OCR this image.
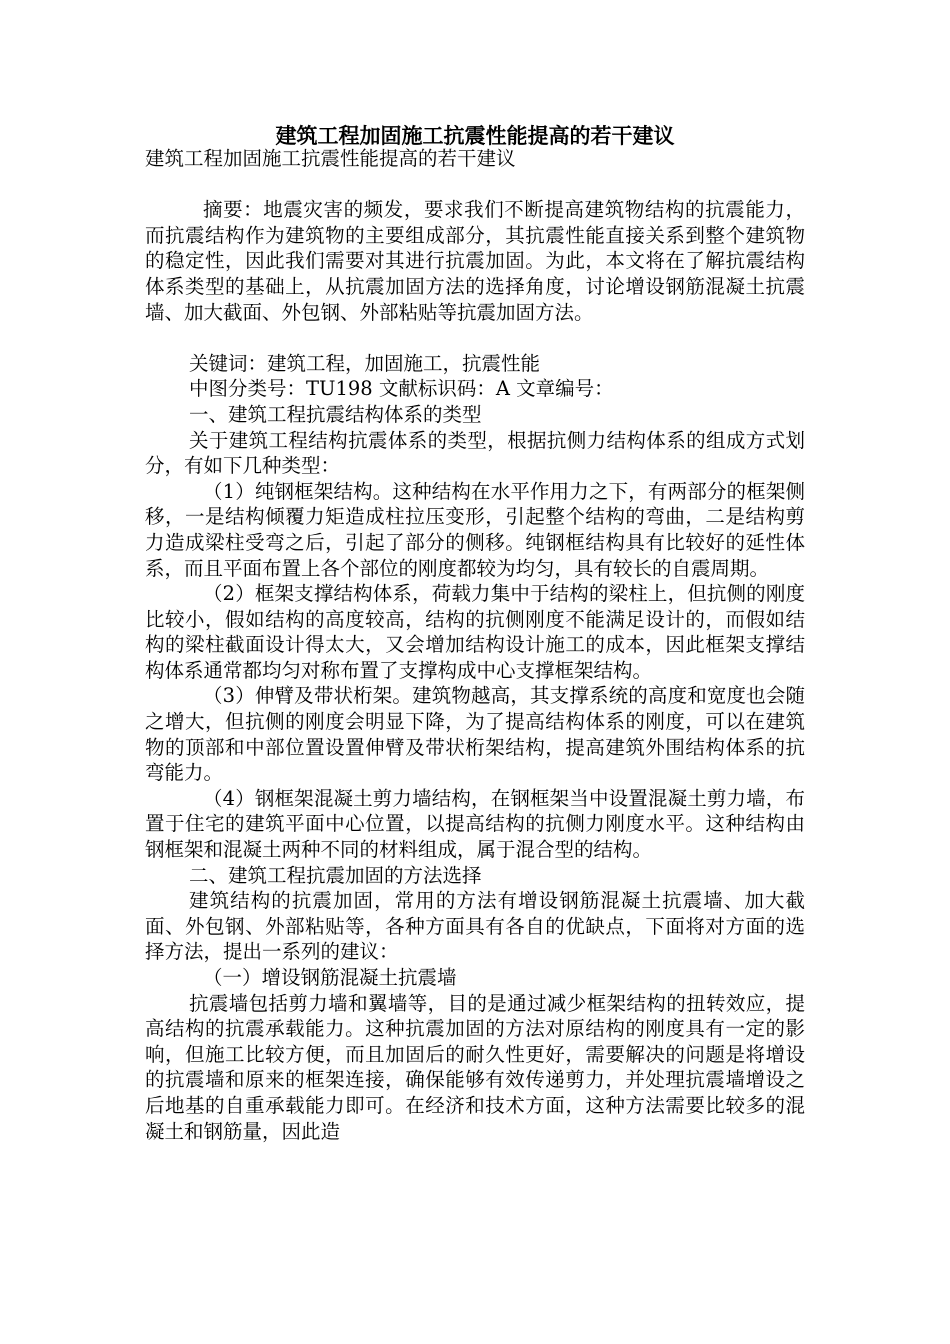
建筑工程加固施工抗震性能提高的若干建议

建筑工程加固施工抗震性能提高的若干建议

摘要：地震灾害的频发，要求我们不断提高建筑物结构的抗震能力，而抗震结构作为建筑物的主要组成部分，其抗震性能直接关系到整个建筑物的稳定性，因此我们需要对其进行抗震加固。为此，本文将在了解抗震结构体系类型的基础上，从抗震加固方法的选择角度，讨论增设钢筋混凝土抗震墙、加大截面、外包钢、外部粘贴等抗震加固方法。

关键词：建筑工程，加固施工，抗震性能

中图分类号：TU198 文献标识码：A 文章编号：

一、建筑工程抗震结构体系的类型

关于建筑工程结构抗震体系的类型，根据抗侧力结构体系的组成方式划分，有如下几种类型：

（1）纯钢框架结构。这种结构在水平作用力之下，有两部分的框架侧移，一是结构倾覆力矩造成柱拉压变形，引起整个结构的弯曲，二是结构剪力造成梁柱受弯之后，引起了部分的侧移。纯钢框结构具有比较好的延性体系，而且平面布置上各个部位的刚度都较为均匀，具有较长的自震周期。

（2）框架支撑结构体系，荷载力集中于结构的梁柱上，但抗侧的刚度比较小，假如结构的高度较高，结构的抗侧刚度不能满足设计的，而假如结构的梁柱截面设计得太大，又会增加结构设计施工的成本，因此框架支撑结构体系通常都均匀对称布置了支撑构成中心支撑框架结构。

（3）伸臂及带状桁架。建筑物越高，其支撑系统的高度和宽度也会随之增大，但抗侧的刚度会明显下降，为了提高结构体系的刚度，可以在建筑物的顶部和中部位置设置伸臂及带状桁架结构，提高建筑外围结构体系的抗弯能力。

（4）钢框架混凝土剪力墙结构，在钢框架当中设置混凝土剪力墙，布置于住宅的建筑平面中心位置，以提高结构的抗侧力刚度水平。这种结构由钢框架和混凝土两种不同的材料组成，属于混合型的结构。

二、建筑工程抗震加固的方法选择

建筑结构的抗震加固，常用的方法有增设钢筋混凝土抗震墙、加大截面、外包钢、外部粘贴等，各种方面具有各自的优缺点，下面将对方面的选择方法，提出一系列的建议：

（一）增设钢筋混凝土抗震墙

抗震墙包括剪力墙和翼墙等，目的是通过减少框架结构的扭转效应，提高结构的抗震承载能力。这种抗震加固的方法对原结构的刚度具有一定的影响，但施工比较方便，而且加固后的耐久性更好，需要解决的问题是将增设的抗震墙和原来的框架连接，确保能够有效传递剪力，并处理抗震墙增设之后地基的自重承载能力即可。在经济和技术方面，这种方法需要比较多的混凝土和钢筋量，因此造
